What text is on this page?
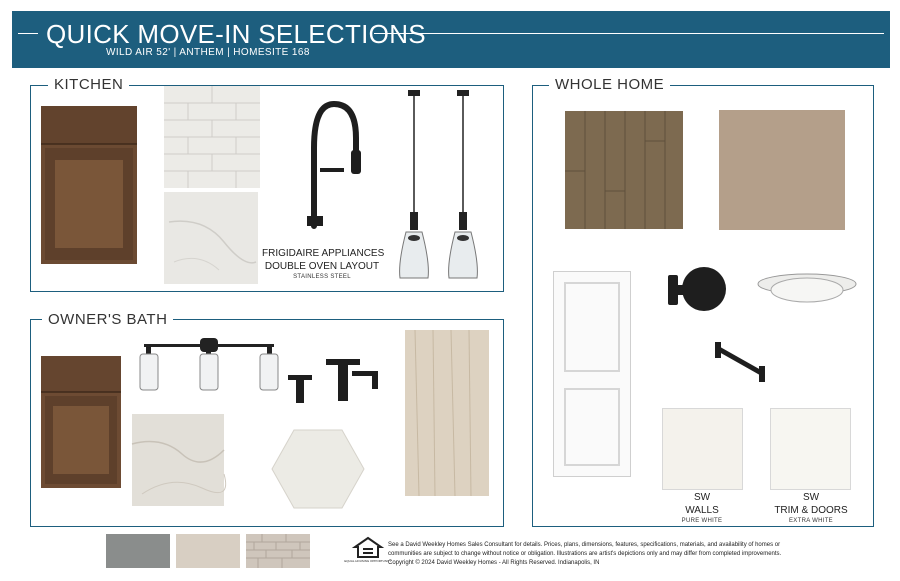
QUICK MOVE-IN SELECTIONS
WILD AIR 52' | ANTHEM | HOMESITE 168
KITCHEN
FRIGIDAIRE APPLIANCES
DOUBLE OVEN LAYOUT
STAINLESS STEEL
OWNER'S BATH
WHOLE HOME
SW
WALLS
PURE WHITE
SW
TRIM & DOORS
EXTRA WHITE
EQUAL HOUSING OPPORTUNITY
See a David Weekley Homes Sales Consultant for details. Prices, plans, dimensions, features, specifications, materials, and availability of homes or
communities are subject to change without notice or obligation. Illustrations are artist's depictions only and may differ from completed improvements.
Copyright © 2024 David Weekley Homes - All Rights Reserved. Indianapolis, IN
